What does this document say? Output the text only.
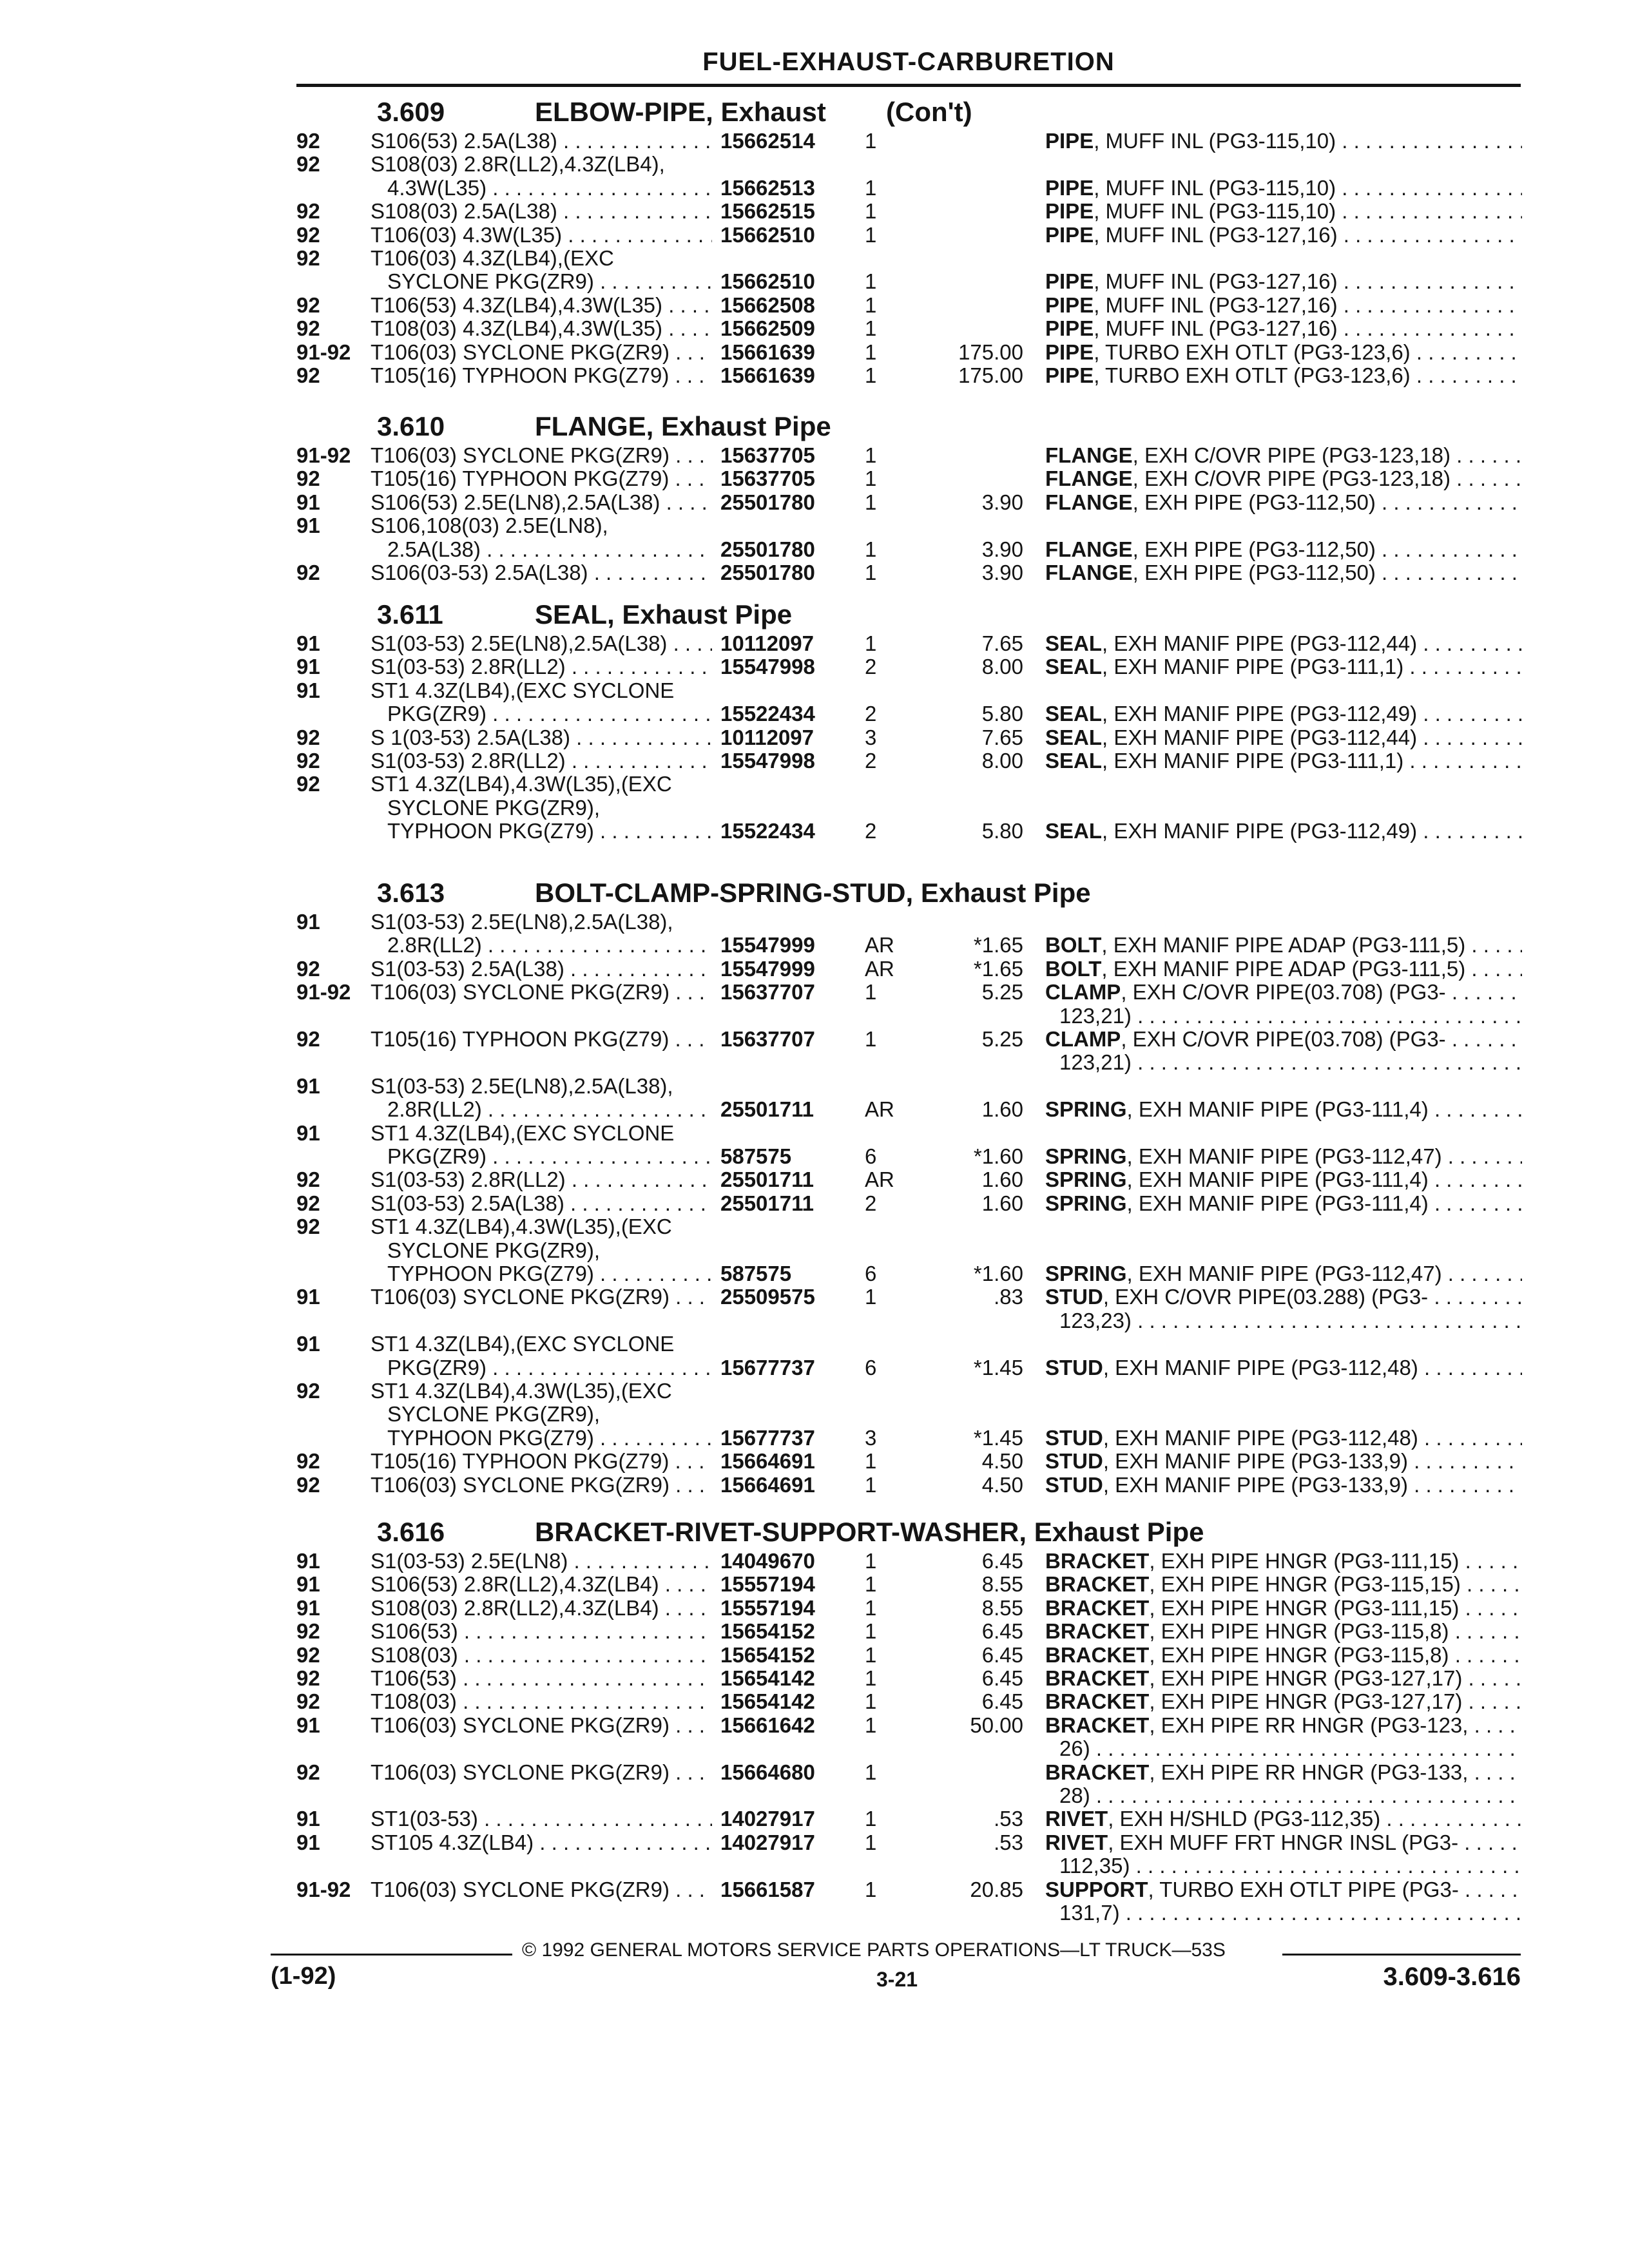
FUEL-EXHAUST-CARBURETION
3.609	ELBOW-PIPE, Exhaust (Con't)
92 S106(53) 2.5A(L38) . . .	15662514 1	PIPE, MUFF INL (PG3-115,10) . . .
92 S108(03) 2.8R(LL2),4.3Z(LB4),
4.3W(L35) . . .	15662513 1	PIPE, MUFF INL (PG3-115,10) . . .
92 S108(03) 2.5A(L38) . . .	15662515 1	PIPE, MUFF INL (PG3-115,10) . . .
92 T106(03) 4.3W(L35) . . .	15662510 1	PIPE, MUFF INL (PG3-127,16) . . .
92 T106(03) 4.3Z(LB4),(EXC
SYCLONE PKG(ZR9) . . .	15662510 1	PIPE, MUFF INL (PG3-127,16) . . .
92 T106(53) 4.3Z(LB4),4.3W(L35) . . .	15662508 1	PIPE, MUFF INL (PG3-127,16) . . .
92 T108(03) 4.3Z(LB4),4.3W(L35) . . .	15662509 1	PIPE, MUFF INL (PG3-127,16) . . .
91-92 T106(03) SYCLONE PKG(ZR9) . . .	15661639 1	175.00 PIPE, TURBO EXH OTLT (PG3-123,6) . . .
92 T105(16) TYPHOON PKG(Z79) . . .	15661639 1	175.00 PIPE, TURBO EXH OTLT (PG3-123,6) . . .
3.610	FLANGE, Exhaust Pipe
91-92 T106(03) SYCLONE PKG(ZR9) . . .	15637705 1	FLANGE, EXH C/OVR PIPE (PG3-123,18) . . .
92 T105(16) TYPHOON PKG(Z79) . . .	15637705 1	FLANGE, EXH C/OVR PIPE (PG3-123,18) . . .
91 S106(53) 2.5E(LN8),2.5A(L38) . . .	25501780 1	3.90 FLANGE, EXH PIPE (PG3-112,50) . . .
91 S106,108(03) 2.5E(LN8),
2.5A(L38) . . .	25501780 1	3.90 FLANGE, EXH PIPE (PG3-112,50) . . .
92 S106(03-53) 2.5A(L38) . . .	25501780 1	3.90 FLANGE, EXH PIPE (PG3-112,50) . . .
3.611	SEAL, Exhaust Pipe
91 S1(03-53) 2.5E(LN8),2.5A(L38) . . .	10112097 1	7.65 SEAL, EXH MANIF PIPE (PG3-112,44) . . .
91 S1(03-53) 2.8R(LL2) . . .	15547998 2	8.00 SEAL, EXH MANIF PIPE (PG3-111,1) . . .
91 ST1 4.3Z(LB4),(EXC SYCLONE
PKG(ZR9) . . .	15522434 2	5.80 SEAL, EXH MANIF PIPE (PG3-112,49) . . .
92 S 1(03-53) 2.5A(L38) . . .	10112097 3	7.65 SEAL, EXH MANIF PIPE (PG3-112,44) . . .
92 S1(03-53) 2.8R(LL2) . . .	15547998 2	8.00 SEAL, EXH MANIF PIPE (PG3-111,1) . . .
92 ST1 4.3Z(LB4),4.3W(L35),(EXC
SYCLONE PKG(ZR9),
TYPHOON PKG(Z79) . . .	15522434 2	5.80 SEAL, EXH MANIF PIPE (PG3-112,49) . . .
3.613	BOLT-CLAMP-SPRING-STUD, Exhaust Pipe
91 S1(03-53) 2.5E(LN8),2.5A(L38),
2.8R(LL2) . . .	15547999 AR	*1.65 BOLT, EXH MANIF PIPE ADAP (PG3-111,5) . . .
92 S1(03-53) 2.5A(L38) . . .	15547999 AR	*1.65 BOLT, EXH MANIF PIPE ADAP (PG3-111,5) . . .
91-92 T106(03) SYCLONE PKG(ZR9) . . .	15637707 1	5.25 CLAMP, EXH C/OVR PIPE(03.708) (PG3- . . .
123,21) . . .
92 T105(16) TYPHOON PKG(Z79) . . .	15637707 1	5.25 CLAMP, EXH C/OVR PIPE(03.708) (PG3- . . .
123,21) . . .
91 S1(03-53) 2.5E(LN8),2.5A(L38),
2.8R(LL2) . . .	25501711 AR	1.60 SPRING, EXH MANIF PIPE (PG3-111,4) . . .
91 ST1 4.3Z(LB4),(EXC SYCLONE
PKG(ZR9) . . .	587575	6	*1.60 SPRING, EXH MANIF PIPE (PG3-112,47) . . .
92 S1(03-53) 2.8R(LL2) . . .	25501711 AR	1.60 SPRING, EXH MANIF PIPE (PG3-111,4) . . .
92 S1(03-53) 2.5A(L38) . . .	25501711 2	1.60 SPRING, EXH MANIF PIPE (PG3-111,4) . . .
92 ST1 4.3Z(LB4),4.3W(L35),(EXC
SYCLONE PKG(ZR9),
TYPHOON PKG(Z79) . . .	587575	6	*1.60 SPRING, EXH MANIF PIPE (PG3-112,47) . . .
91 T106(03) SYCLONE PKG(ZR9) . . .	25509575 1	.83 STUD, EXH C/OVR PIPE(03.288) (PG3- . . .
123,23) . . .
91 ST1 4.3Z(LB4),(EXC SYCLONE
PKG(ZR9) . . .	15677737 6	*1.45 STUD, EXH MANIF PIPE (PG3-112,48) . . .
92 ST1 4.3Z(LB4),4.3W(L35),(EXC
SYCLONE PKG(ZR9),
TYPHOON PKG(Z79) . . .	15677737 3	*1.45 STUD, EXH MANIF PIPE (PG3-112,48) . . .
92 T105(16) TYPHOON PKG(Z79) . . .	15664691 1	4.50 STUD, EXH MANIF PIPE (PG3-133,9) . . .
92 T106(03) SYCLONE PKG(ZR9) . . .	15664691 1	4.50 STUD, EXH MANIF PIPE (PG3-133,9) . . .
3.616	BRACKET-RIVET-SUPPORT-WASHER, Exhaust Pipe
91 S1(03-53) 2.5E(LN8) . . .	14049670 1	6.45 BRACKET, EXH PIPE HNGR (PG3-111,15) . . .
91 S106(53) 2.8R(LL2),4.3Z(LB4) . . .	15557194 1	8.55 BRACKET, EXH PIPE HNGR (PG3-115,15) . . .
91 S108(03) 2.8R(LL2),4.3Z(LB4) . . .	15557194 1	8.55 BRACKET, EXH PIPE HNGR (PG3-111,15) . . .
92 S106(53) . . .	15654152 1	6.45 BRACKET, EXH PIPE HNGR (PG3-115,8) . . .
92 S108(03) . . .	15654152 1	6.45 BRACKET, EXH PIPE HNGR (PG3-115,8) . . .
92 T106(53) . . .	15654142 1	6.45 BRACKET, EXH PIPE HNGR (PG3-127,17) . . .
92 T108(03) . . .	15654142 1	6.45 BRACKET, EXH PIPE HNGR (PG3-127,17) . . .
91 T106(03) SYCLONE PKG(ZR9) . . .	15661642 1	50.00 BRACKET, EXH PIPE RR HNGR (PG3-123, . . .
26) . . .
92 T106(03) SYCLONE PKG(ZR9) . . .	15664680 1	BRACKET, EXH PIPE RR HNGR (PG3-133, . . .
28) . . .
91 ST1(03-53) . . .	14027917 1	.53 RIVET, EXH H/SHLD (PG3-112,35) . . .
91 ST105 4.3Z(LB4) . . .	14027917 1	.53 RIVET, EXH MUFF FRT HNGR INSL (PG3- . . .
112,35) . . .
91-92 T106(03) SYCLONE PKG(ZR9) . . .	15661587 1	20.85 SUPPORT, TURBO EXH OTLT PIPE (PG3- . . .
131,7) . . .
© 1992 GENERAL MOTORS SERVICE PARTS OPERATIONS—LT TRUCK—53S
(1-92)	3-21	3.609-3.616
